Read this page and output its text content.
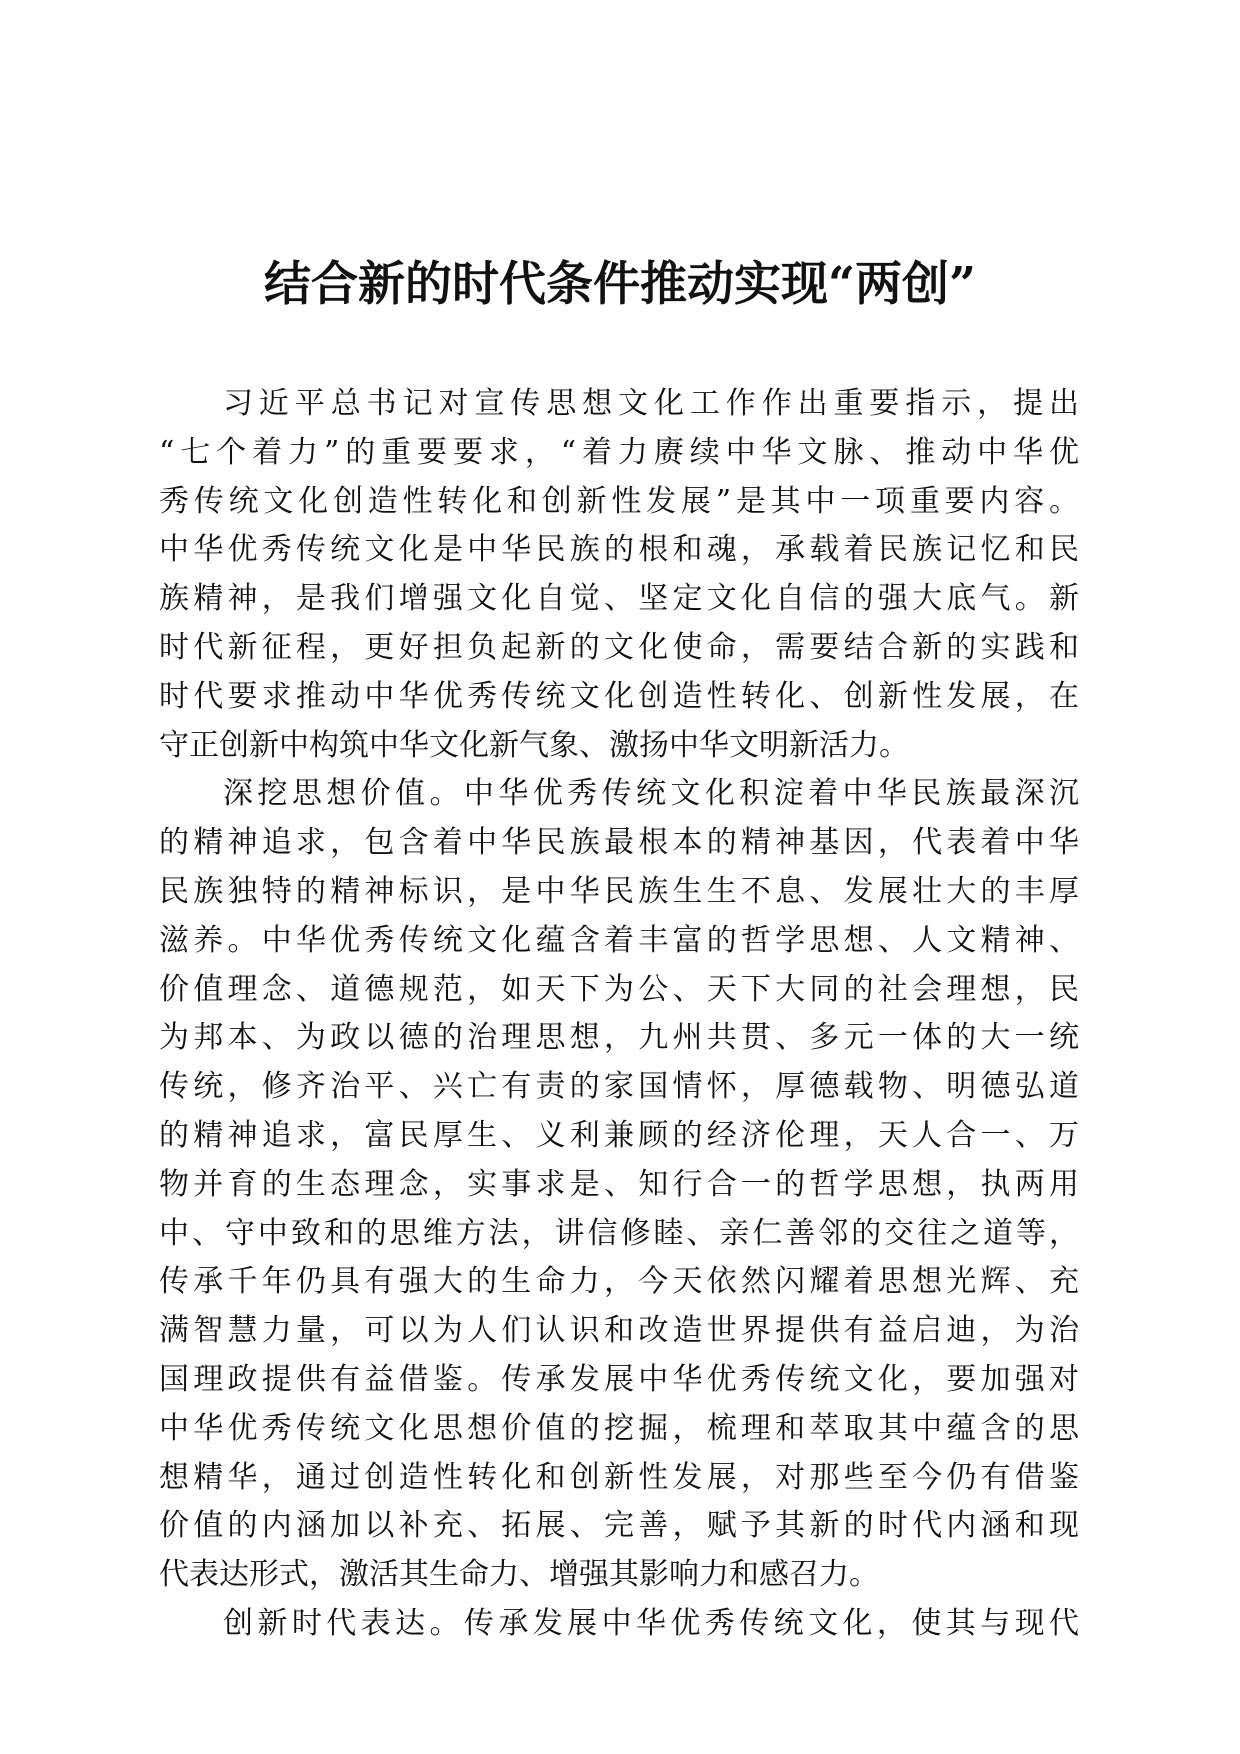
结合新的时代条件推动实现“两创”
习近平总书记对宣传思想文化工作作出重要指示，提出
“七个着力”的重要要求，“着力赓续中华文脉、推动中华优
秀传统文化创造性转化和创新性发展”是其中一项重要内容。
中华优秀传统文化是中华民族的根和魂，承载着民族记忆和民
族精神，是我们增强文化自觉、坚定文化自信的强大底气。新
时代新征程，更好担负起新的文化使命，需要结合新的实践和
时代要求推动中华优秀传统文化创造性转化、创新性发展，在
守正创新中构筑中华文化新气象、激扬中华文明新活力。
深挖思想价值。中华优秀传统文化积淀着中华民族最深沉
的精神追求，包含着中华民族最根本的精神基因，代表着中华
民族独特的精神标识，是中华民族生生不息、发展壮大的丰厚
滋养。中华优秀传统文化蕴含着丰富的哲学思想、人文精神、
价值理念、道德规范，如天下为公、天下大同的社会理想，民
为邦本、为政以德的治理思想，九州共贯、多元一体的大一统
传统，修齐治平、兴亡有责的家国情怀，厚德载物、明德弘道
的精神追求，富民厚生、义利兼顾的经济伦理，天人合一、万
物并育的生态理念，实事求是、知行合一的哲学思想，执两用
中、守中致和的思维方法，讲信修睦、亲仁善邻的交往之道等，
传承千年仍具有强大的生命力，今天依然闪耀着思想光辉、充
满智慧力量，可以为人们认识和改造世界提供有益启迪，为治
国理政提供有益借鉴。传承发展中华优秀传统文化，要加强对
中华优秀传统文化思想价值的挖掘，梳理和萃取其中蕴含的思
想精华，通过创造性转化和创新性发展，对那些至今仍有借鉴
价值的内涵加以补充、拓展、完善，赋予其新的时代内涵和现
代表达形式，激活其生命力、增强其影响力和感召力。
创新时代表达。传承发展中华优秀传统文化，使其与现代
